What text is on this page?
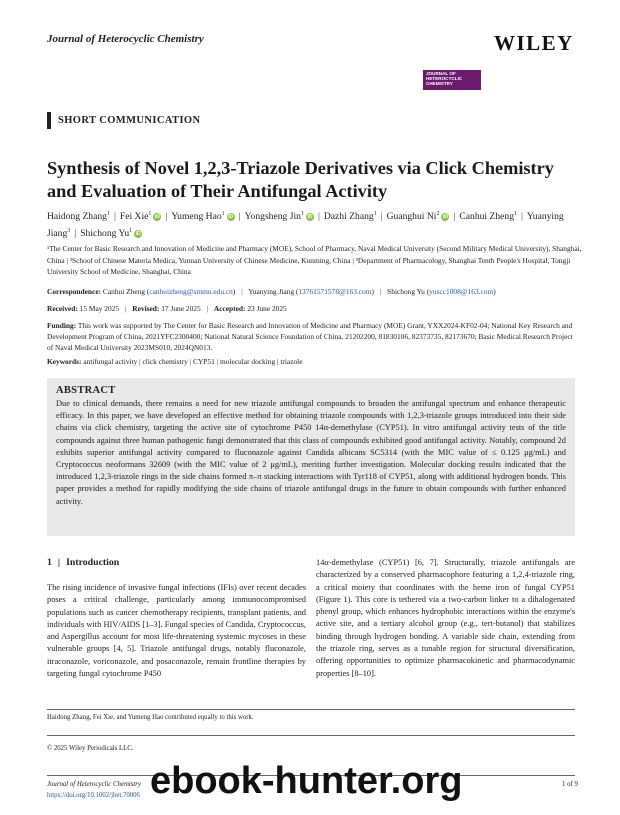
Journal of Heterocyclic Chemistry	WILEY
JOURNAL OF HETEROCYCLIC CHEMISTRY
SHORT COMMUNICATION
Synthesis of Novel 1,2,3-Triazole Derivatives via Click Chemistry and Evaluation of Their Antifungal Activity
Haidong Zhang$^1$ | Fei Xie$^1$iD | Yumeng Hao$^1$iD | Yongsheng Jin$^1$iD | Dazhi Zhang$^1$ | Guanghui Ni$^2$iD | Canhui Zheng$^1$ | Yuanying Jiang$^3$ | Shichong Yu$^1$iD
¹The Center for Basic Research and Innovation of Medicine and Pharmacy (MOE), School of Pharmacy, Naval Medical University (Second Military Medical University), Shanghai, China | ²School of Chinese Materia Medica, Yunnan University of Chinese Medicine, Kunming, China | ³Department of Pharmacology, Shanghai Tenth People's Hospital, Tongji University School of Medicine, Shanghai, China
Correspondence: Canhui Zheng (canhuizheng@smmu.edu.cn) | Yuanying Jiang (13761571578@163.com) | Shichong Yu (yuscc1008@163.com)
Received: 15 May 2025 | Revised: 17 June 2025 | Accepted: 23 June 2025
Funding: This work was supported by The Center for Basic Research and Innovation of Medicine and Pharmacy (MOE) Grant, YXX2024-KF02-04; National Key Research and Development Program of China, 2021YFC2300400; National Natural Science Foundation of China, 21202200, 81830106, 82373735, 82173670; Basic Medical Research Project of Naval Medical University 2023MS010, 2024QN013.
Keywords: antifungal activity | click chemistry | CYP51 | molecular docking | triazole
ABSTRACT
Due to clinical demands, there remains a need for new triazole antifungal compounds to broaden the antifungal spectrum and enhance therapeutic efficacy. In this paper, we have developed an effective method for obtaining triazole compounds with 1,2,3-triazole groups introduced into their side chains via click chemistry, targeting the active site of cytochrome P450 14α-demethylase (CYP51). In vitro antifungal activity tests of the title compounds against three human pathogenic fungi demonstrated that this class of compounds exhibited good antifungal activity. Notably, compound 2d exhibits superior antifungal activity compared to fluconazole against Candida albicans SC5314 (with the MIC value of ≤ 0.125 μg/mL) and Cryptococcus neoformans 32609 (with the MIC value of 2 μg/mL), meriting further investigation. Molecular docking results indicated that the introduced 1,2,3-triazole rings in the side chains formed π–π stacking interactions with Tyr118 of CYP51, along with additional hydrogen bonds. This paper provides a method for rapidly modifying the side chains of triazole antifungal drugs in the future to obtain compounds with further enhanced activity.
1 | Introduction
The rising incidence of invasive fungal infections (IFIs) over recent decades poses a critical challenge, particularly among immunocompromised populations such as cancer chemotherapy recipients, transplant patients, and individuals with HIV/AIDS [1–3]. Fungal species of Candida, Cryptococcus, and Aspergillus account for most life-threatening systemic mycoses in these vulnerable groups [4, 5]. Triazole antifungal drugs, notably fluconazole, itraconazole, voriconazole, and posaconazole, remain frontline therapies by targeting fungal cytochrome P450
14α-demethylase (CYP51) [6, 7]. Structurally, triazole antifungals are characterized by a conserved pharmacophore featuring a 1,2,4-triazole ring, a critical moiety that coordinates with the heme iron of fungal CYP51 (Figure 1). This core is tethered via a two-carbon linker to a dihalogenated phenyl group, which enhances hydrophobic interactions within the enzyme's active site, and a tertiary alcohol group (e.g., tert-butanol) that stabilizes binding through hydrogen bonding. A variable side chain, extending from the triazole ring, serves as a tunable region for structural diversification, offering opportunities to optimize pharmacokinetic and pharmacodynamic properties [8–10].
Haidong Zhang, Fei Xie, and Yumeng Hao contributed equally to this work.
© 2025 Wiley Periodicals LLC.
Journal of Heterocyclic Chemistry
https://doi.org/10.1002/jhet.70006
1 of 9
ebook-hunter.org
